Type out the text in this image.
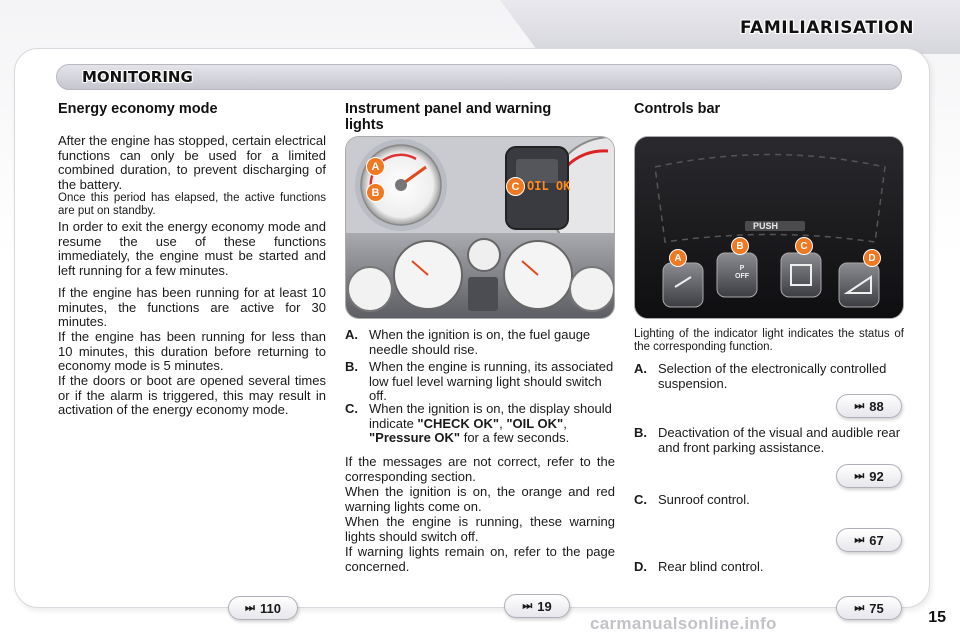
FAMILIARISATION
MONITORING
Energy economy mode
After the engine has stopped, certain electrical functions can only be used for a limited combined duration, to prevent discharging of the battery.
Once this period has elapsed, the active functions are put on standby.
In order to exit the energy economy mode and resume the use of these functions immediately, the engine must be started and left running for a few minutes.
If the engine has been running for at least 10 minutes, the functions are active for 30 minutes.
If the engine has been running for less than 10 minutes, this duration before returning to economy mode is 5 minutes.
If the doors or boot are opened several times or if the alarm is triggered, this may result in activation of the energy economy mode.
Instrument panel and warning
lights
A
B	C OIL OK
A. When the ignition is on, the fuel gauge needle should rise.
B. When the engine is running, its associated low fuel level warning light should switch off.
C. When the ignition is on, the display should indicate "CHECK OK", "OIL OK", "Pressure OK" for a few seconds.
If the messages are not correct, refer to the corresponding section.
When the ignition is on, the orange and red warning lights come on.
When the engine is running, these warning lights should switch off.
If warning lights remain on, refer to the page concerned.
Controls bar
PUSH
P OFF
A
B	C
D
Lighting of the indicator light indicates the status of the corresponding function.
A. Selection of the electronically controlled suspension.
B. Deactivation of the visual and audible rear and front parking assistance.
C. Sunroof control.
D. Rear blind control.
⏭ 88
⏭ 92
⏭ 67
⏭ 75
⏭ 110	⏭ 19
carmanualsonline.info	15
